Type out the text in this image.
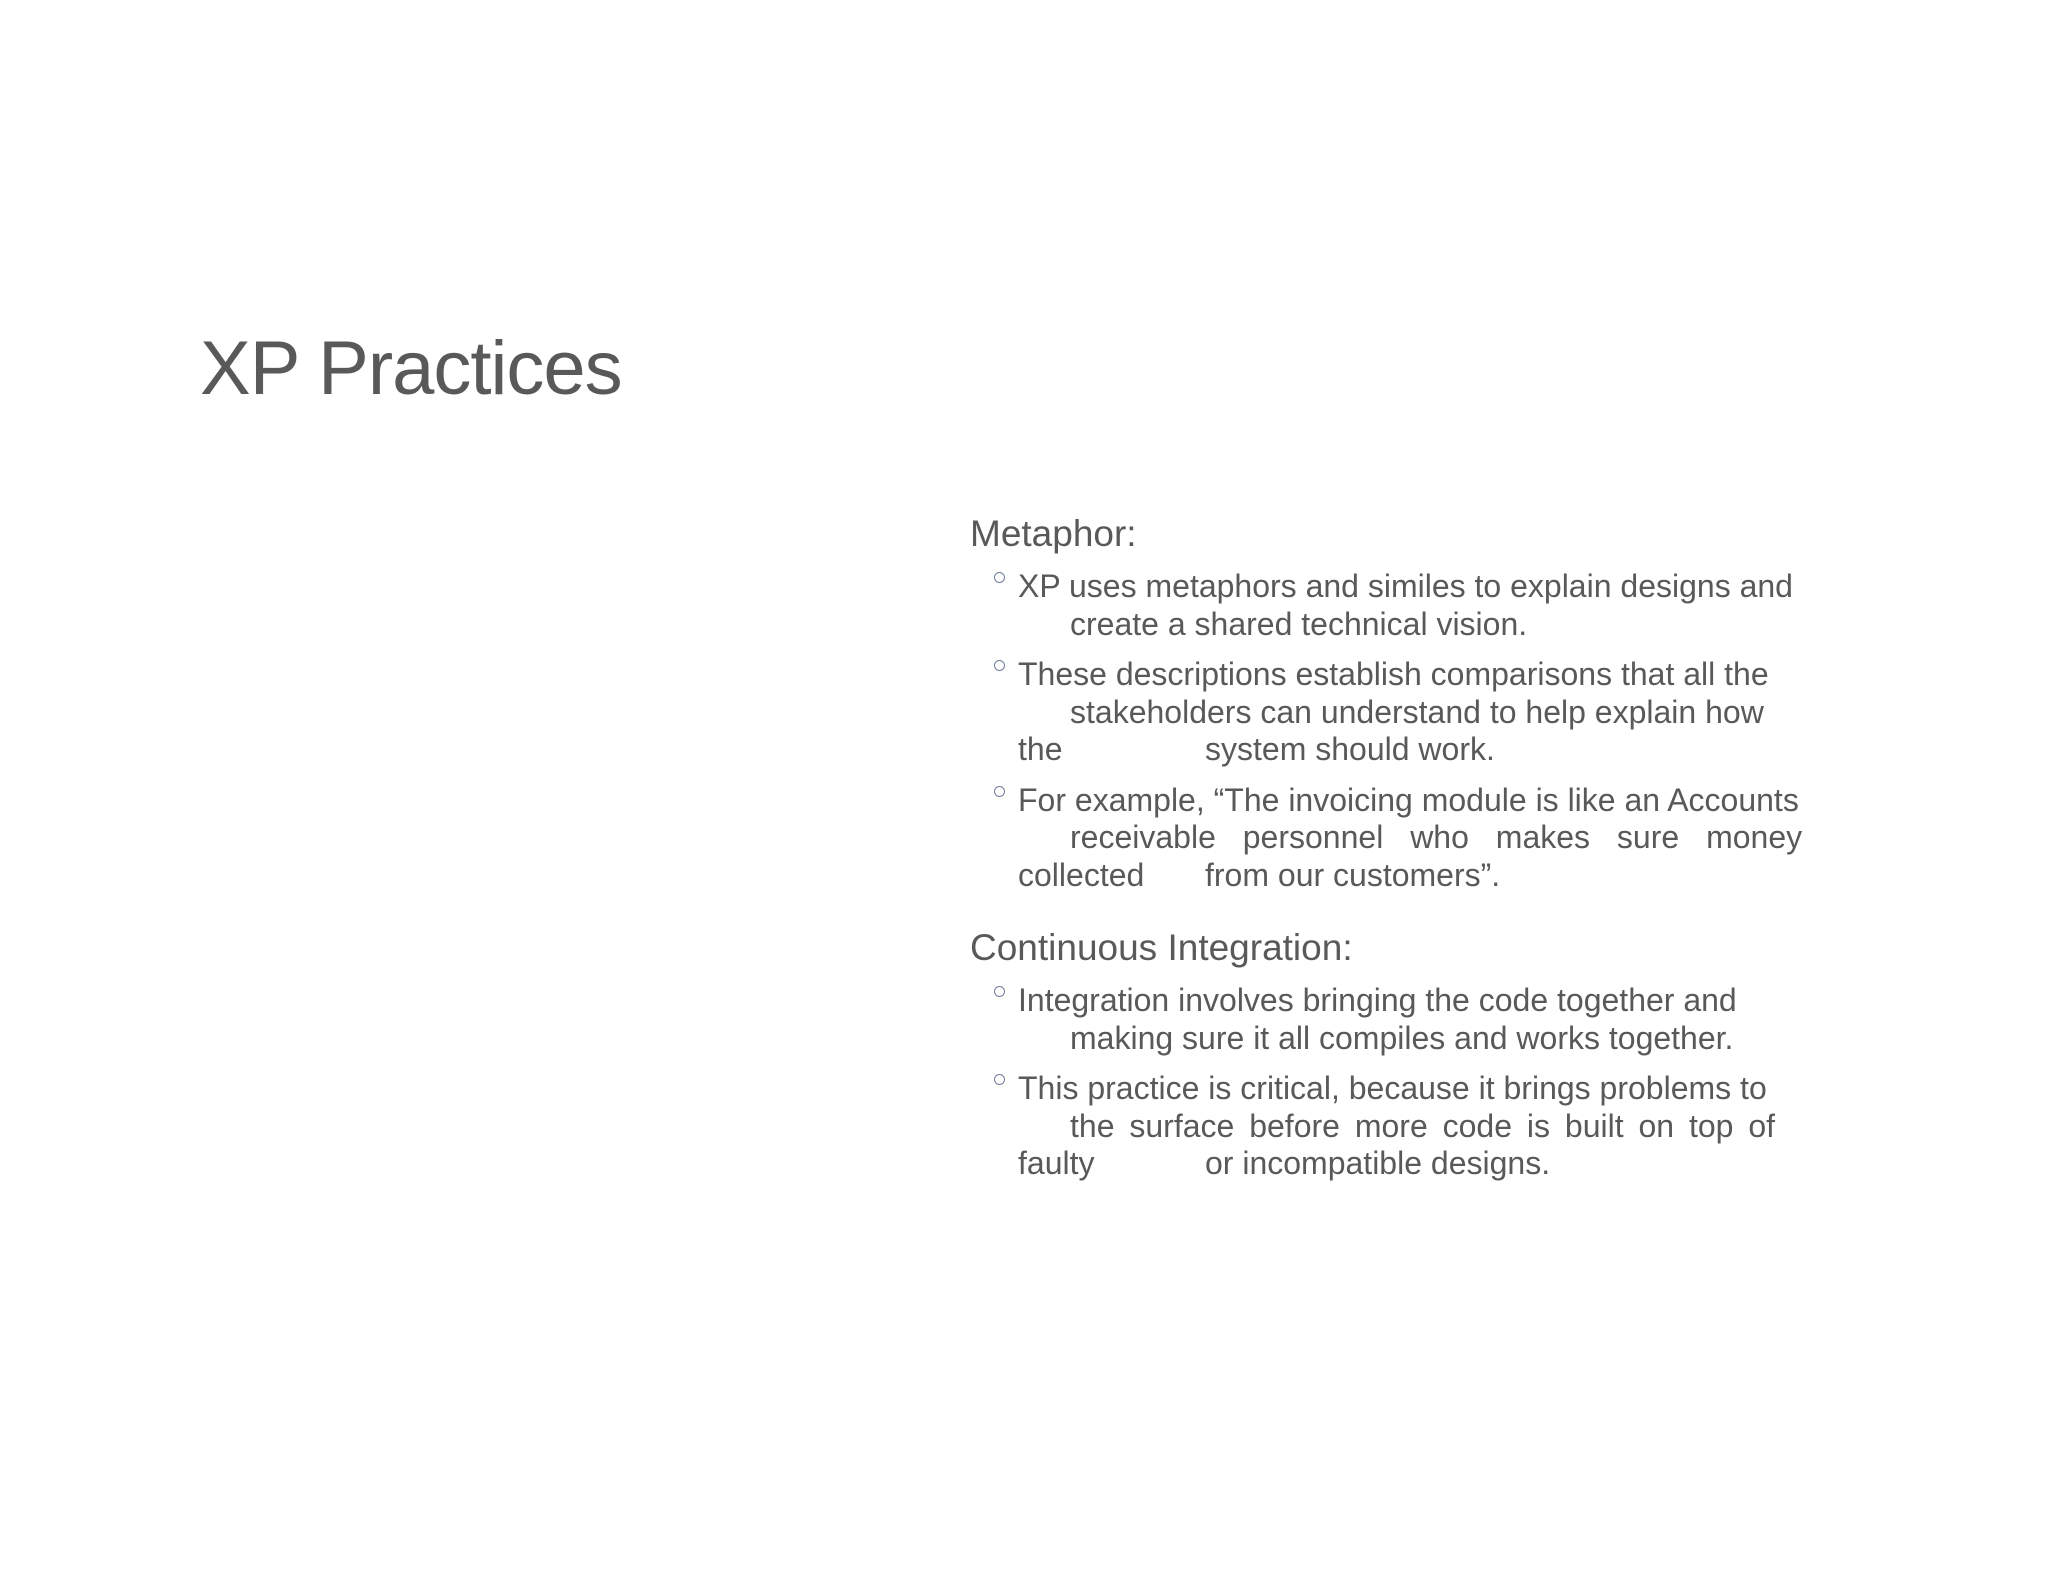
XP Practices
Metaphor:
XP uses metaphors and similes to explain designs and
create a shared technical vision.
These descriptions establish comparisons that all the
stakeholders can understand to help explain how
the	system should work.
For example, “The invoicing module is like an Accounts
receivable personnel who makes sure money
collected from our customers”.
Continuous Integration:
Integration involves bringing the code together and
making sure it all compiles and works together.
This practice is critical, because it brings problems to
the surface before more code is built on top of
faulty	or incompatible designs.
